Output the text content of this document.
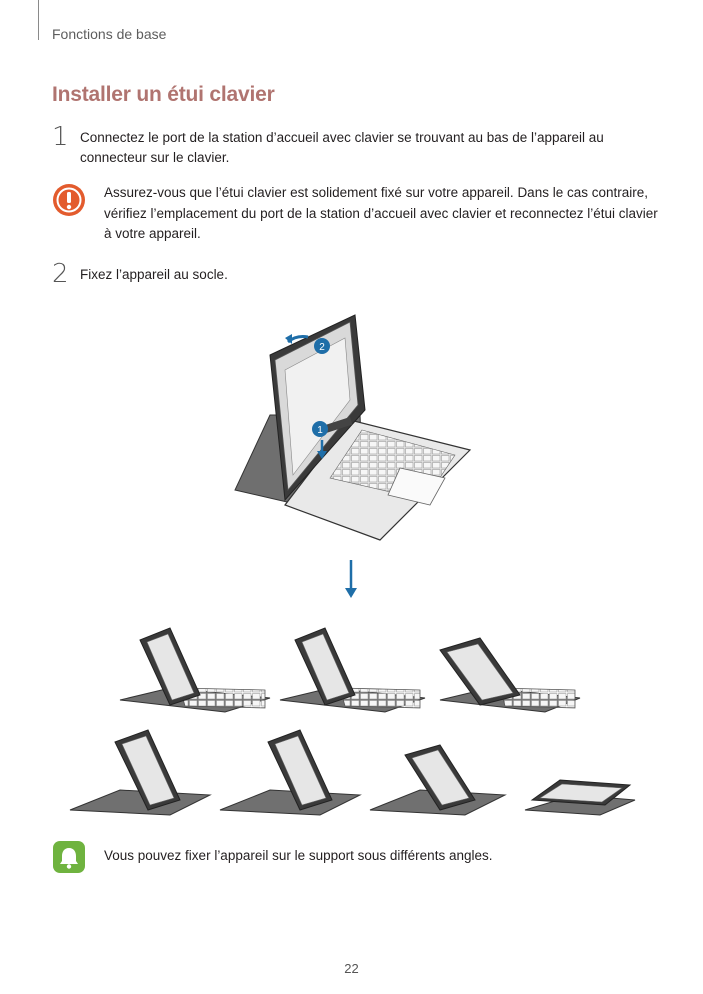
Fonctions de base
Installer un étui clavier
1 Connectez le port de la station d’accueil avec clavier se trouvant au bas de l’appareil au connecteur sur le clavier.
Assurez-vous que l’étui clavier est solidement fixé sur votre appareil. Dans le cas contraire, vérifiez l’emplacement du port de la station d’accueil avec clavier et reconnectez l’étui clavier à votre appareil.
2 Fixez l’appareil au socle.
2
1
Vous pouvez fixer l’appareil sur le support sous différents angles.
22
